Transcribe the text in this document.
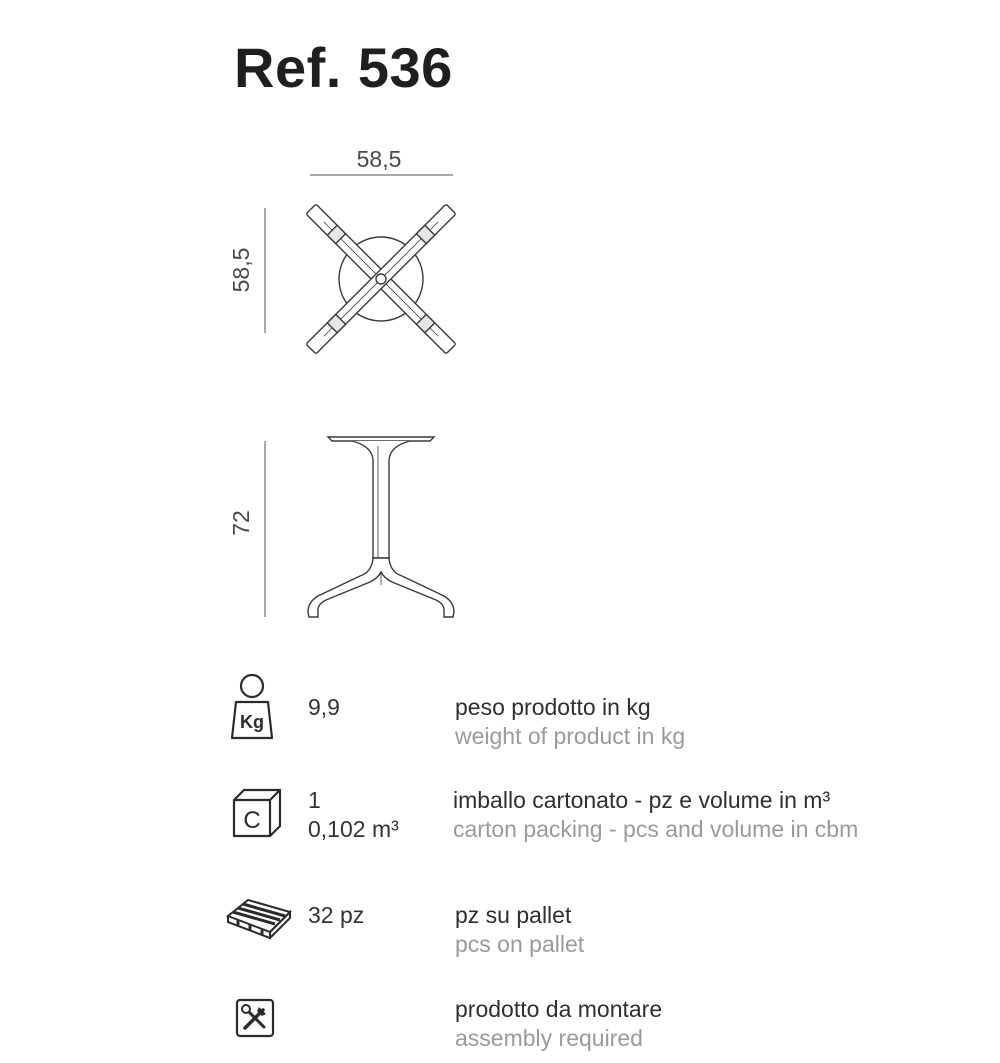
Ref. 536
58,5
58,5
72
Kg
9,9	peso prodotto in kg
weight of product in kg
C
1
0,102 m³
imballo cartonato - pz e volume in m³
carton packing - pcs and volume in cbm
32 pz	pz su pallet
pcs on pallet
prodotto da montare
assembly required
